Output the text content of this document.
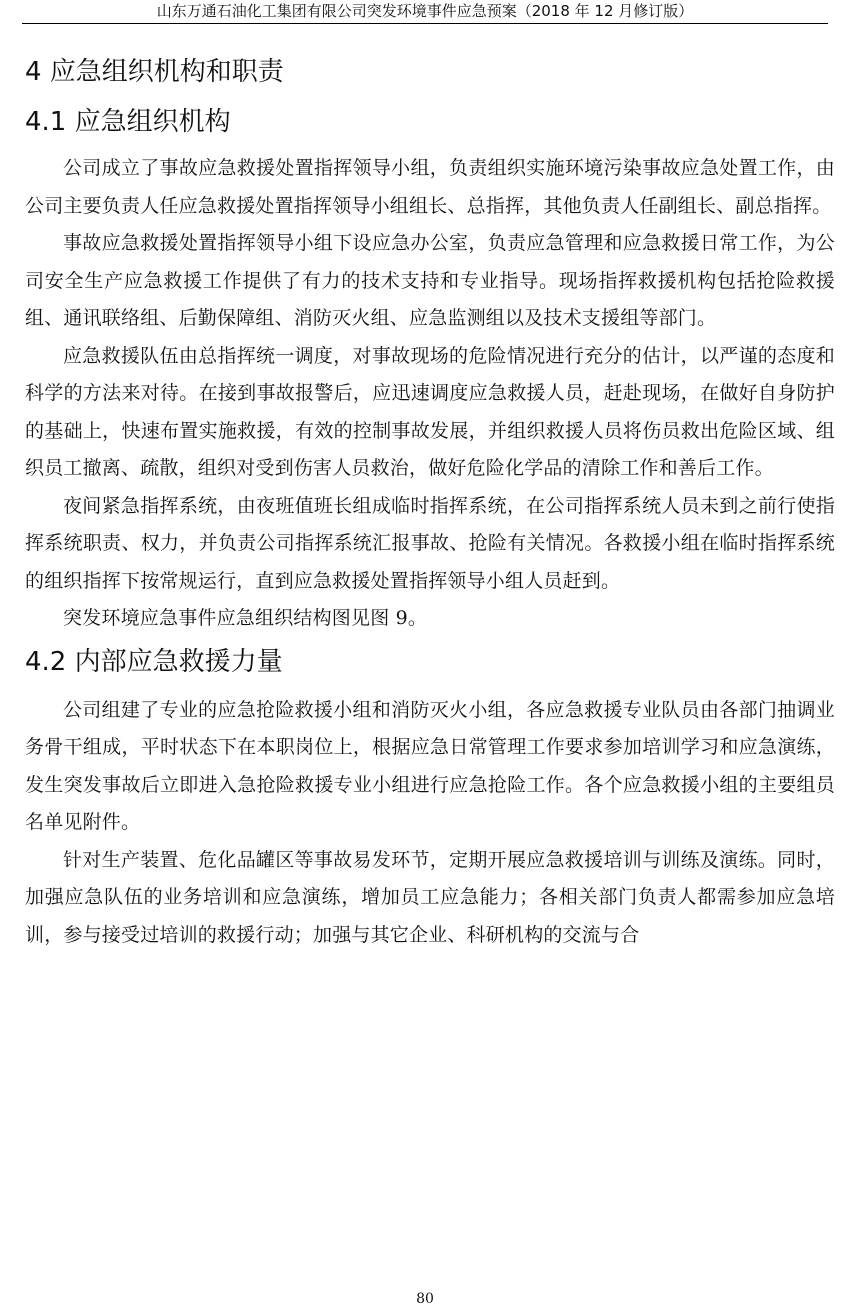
山东万通石油化工集团有限公司突发环境事件应急预案（2018 年 12 月修订版）
4 应急组织机构和职责
4.1 应急组织机构

公司成立了事故应急救援处置指挥领导小组，负责组织实施环境污染事故应急处置工作，由公司主要负责人任应急救援处置指挥领导小组组长、总指挥，其他负责人任副组长、副总指挥。

事故应急救援处置指挥领导小组下设应急办公室，负责应急管理和应急救援日常工作，为公司安全生产应急救援工作提供了有力的技术支持和专业指导。现场指挥救援机构包括抢险救援组、通讯联络组、后勤保障组、消防灭火组、应急监测组以及技术支援组等部门。

应急救援队伍由总指挥统一调度，对事故现场的危险情况进行充分的估计，以严谨的态度和科学的方法来对待。在接到事故报警后，应迅速调度应急救援人员，赶赴现场，在做好自身防护的基础上，快速布置实施救援，有效的控制事故发展，并组织救援人员将伤员救出危险区域、组织员工撤离、疏散，组织对受到伤害人员救治，做好危险化学品的清除工作和善后工作。

夜间紧急指挥系统，由夜班值班长组成临时指挥系统，在公司指挥系统人员未到之前行使指挥系统职责、权力，并负责公司指挥系统汇报事故、抢险有关情况。各救援小组在临时指挥系统的组织指挥下按常规运行，直到应急救援处置指挥领导小组人员赶到。

突发环境应急事件应急组织结构图见图 9。

4.2 内部应急救援力量

公司组建了专业的应急抢险救援小组和消防灭火小组，各应急救援专业队员由各部门抽调业务骨干组成，平时状态下在本职岗位上，根据应急日常管理工作要求参加培训学习和应急演练，发生突发事故后立即进入急抢险救援专业小组进行应急抢险工作。各个应急救援小组的主要组员名单见附件。

针对生产装置、危化品罐区等事故易发环节，定期开展应急救援培训与训练及演练。同时，加强应急队伍的业务培训和应急演练，增加员工应急能力；各相关部门负责人都需参加应急培训，参与接受过培训的救援行动；加强与其它企业、科研机构的交流与合

80
